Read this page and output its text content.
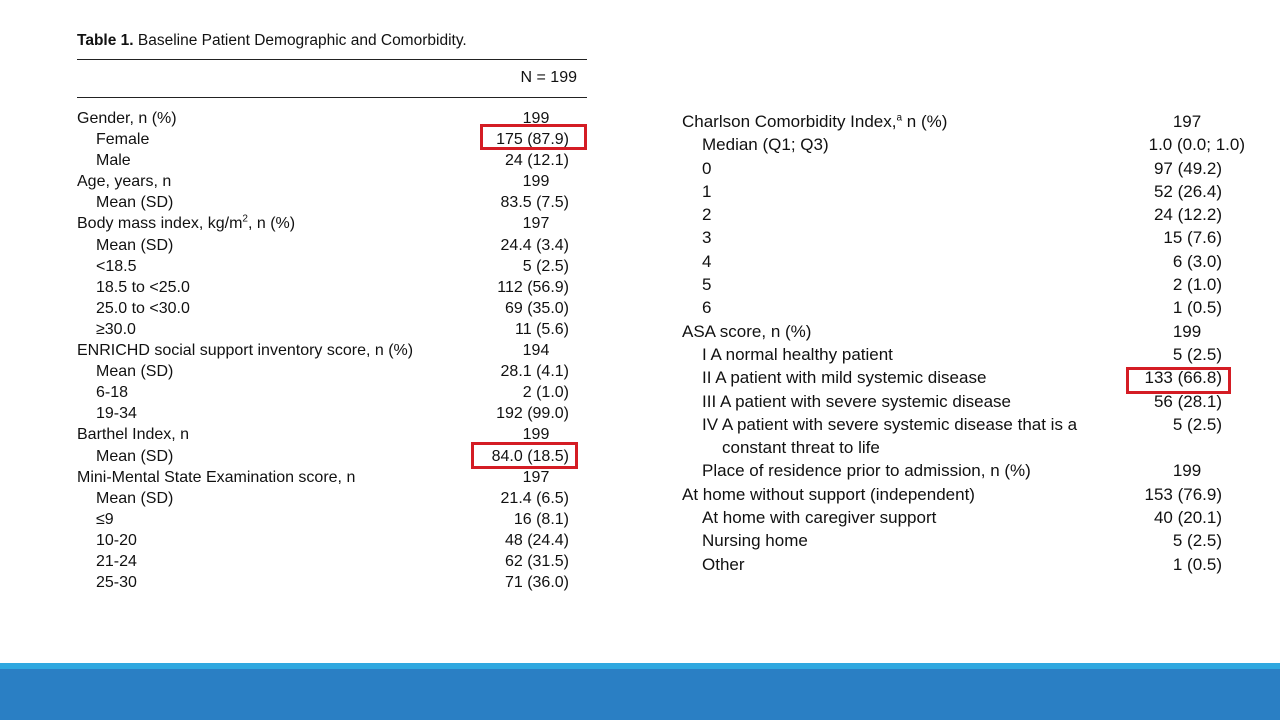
Table 1. Baseline Patient Demographic and Comorbidity.
N = 199
Gender, n (%)	199
Female	175 (87.9)
Male	24 (12.1)
Age, years, n	199
Mean (SD)	83.5 (7.5)
Body mass index, $kg/m^2$, n (%)	197
Mean (SD)	24.4 (3.4)
<18.5	5 (2.5)
18.5 to <25.0	112 (56.9)
25.0 to <30.0	69 (35.0)
≥30.0	11 (5.6)
ENRICHD social support inventory score, n (%)	194
Mean (SD)	28.1 (4.1)
6-18	2 (1.0)
19-34	192 (99.0)
Barthel Index, n	199
Mean (SD)	84.0 (18.5)
Mini-Mental State Examination score, n	197
Mean (SD)	21.4 (6.5)
≤9	16 (8.1)
10-20	48 (24.4)
21-24	62 (31.5)
25-30	71 (36.0)
Charlson Comorbidity Index,$^a$ n (%)	197
Median (Q1; Q3)	1.0 (0.0; 1.0)
0	97 (49.2)
1	52 (26.4)
2	24 (12.2)
3	15 (7.6)
4	6 (3.0)
5	2 (1.0)
6	1 (0.5)
ASA score, n (%)	199
I A normal healthy patient	5 (2.5)
II A patient with mild systemic disease	133 (66.8)
III A patient with severe systemic disease	56 (28.1)
IV A patient with severe systemic disease that is a	5 (2.5)
constant threat to life
Place of residence prior to admission, n (%)	199
At home without support (independent)	153 (76.9)
At home with caregiver support	40 (20.1)
Nursing home	5 (2.5)
Other	1 (0.5)
